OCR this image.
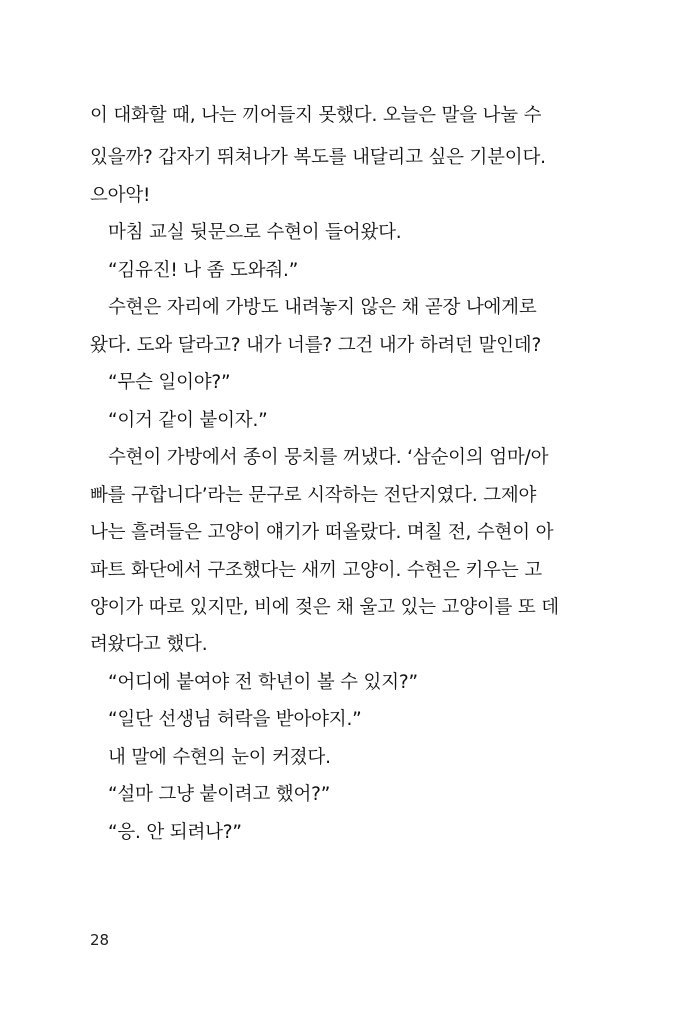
이 대화할 때, 나는 끼어들지 못했다. 오늘은 말을 나눌 수
있을까? 갑자기 뛰쳐나가 복도를 내달리고 싶은 기분이다.
으아악!
마침 교실 뒷문으로 수현이 들어왔다.
“김유진! 나 좀 도와줘.”
수현은 자리에 가방도 내려놓지 않은 채 곧장 나에게로
왔다. 도와 달라고? 내가 너를? 그건 내가 하려던 말인데?
“무슨 일이야?”
“이거 같이 붙이자.”
수현이 가방에서 종이 뭉치를 꺼냈다. ‘삼순이의 엄마/아
빠를 구합니다’라는 문구로 시작하는 전단지였다. 그제야
나는 흘려들은 고양이 얘기가 떠올랐다. 며칠 전, 수현이 아
파트 화단에서 구조했다는 새끼 고양이. 수현은 키우는 고
양이가 따로 있지만, 비에 젖은 채 울고 있는 고양이를 또 데
려왔다고 했다.
“어디에 붙여야 전 학년이 볼 수 있지?”
“일단 선생님 허락을 받아야지.”
내 말에 수현의 눈이 커졌다.
“설마 그냥 붙이려고 했어?”
“응. 안 되려나?”
28
